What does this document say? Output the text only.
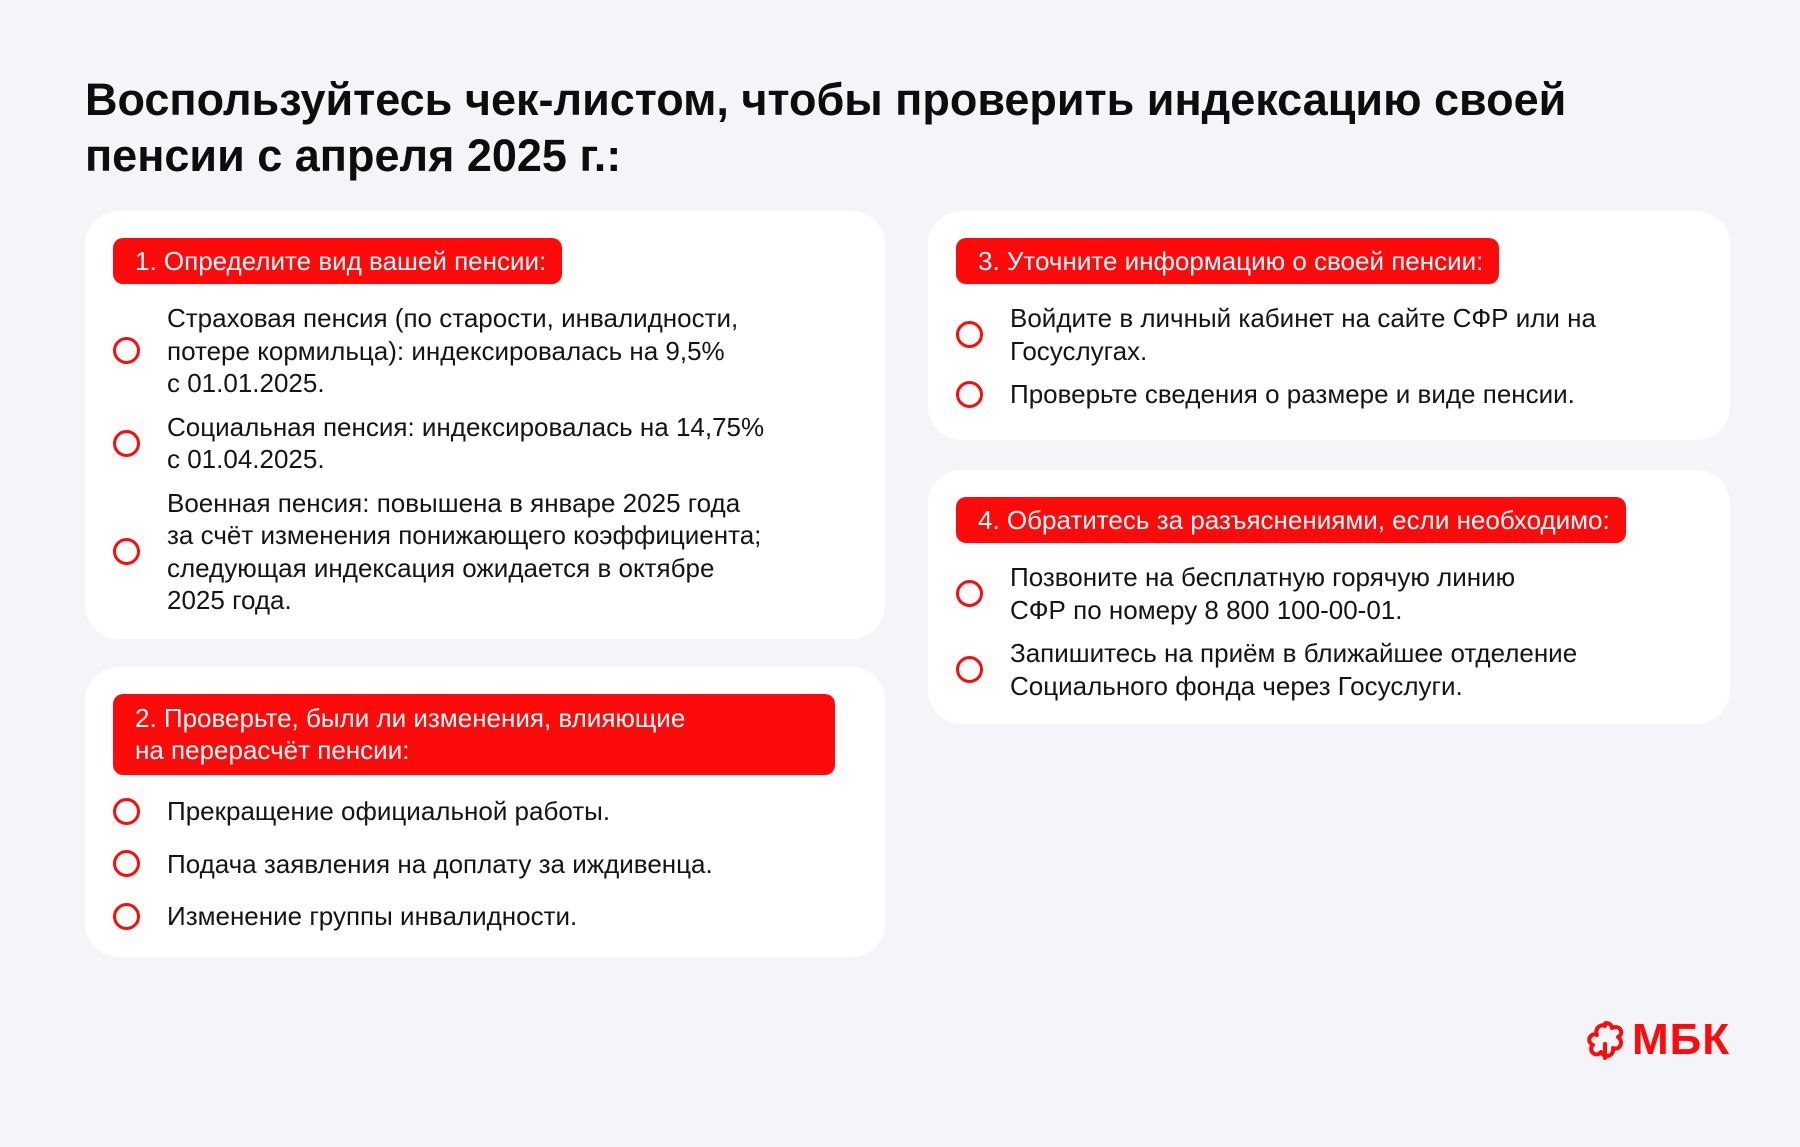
Воспользуйтесь чек-листом, чтобы проверить индексацию своей
пенсии с апреля 2025 г.:
1. Определите вид вашей пенсии:
Страховая пенсия (по старости, инвалидности,
потере кормильца): индексировалась на 9,5%
с 01.01.2025.
Социальная пенсия: индексировалась на 14,75%
с 01.04.2025.
Военная пенсия: повышена в январе 2025 года
за счёт изменения понижающего коэффициента;
следующая индексация ожидается в октябре
2025 года.
2. Проверьте, были ли изменения, влияющие
на перерасчёт пенсии:
Прекращение официальной работы.
Подача заявления на доплату за иждивенца.
Изменение группы инвалидности.
3. Уточните информацию о своей пенсии:
Войдите в личный кабинет на сайте СФР или на
Госуслугах.
Проверьте сведения о размере и виде пенсии.
4. Обратитесь за разъяснениями, если необходимо:
Позвоните на бесплатную горячую линию
СФР по номеру 8 800 100-00-01.
Запишитесь на приём в ближайшее отделение
Социального фонда через Госуслуги.
МБК
